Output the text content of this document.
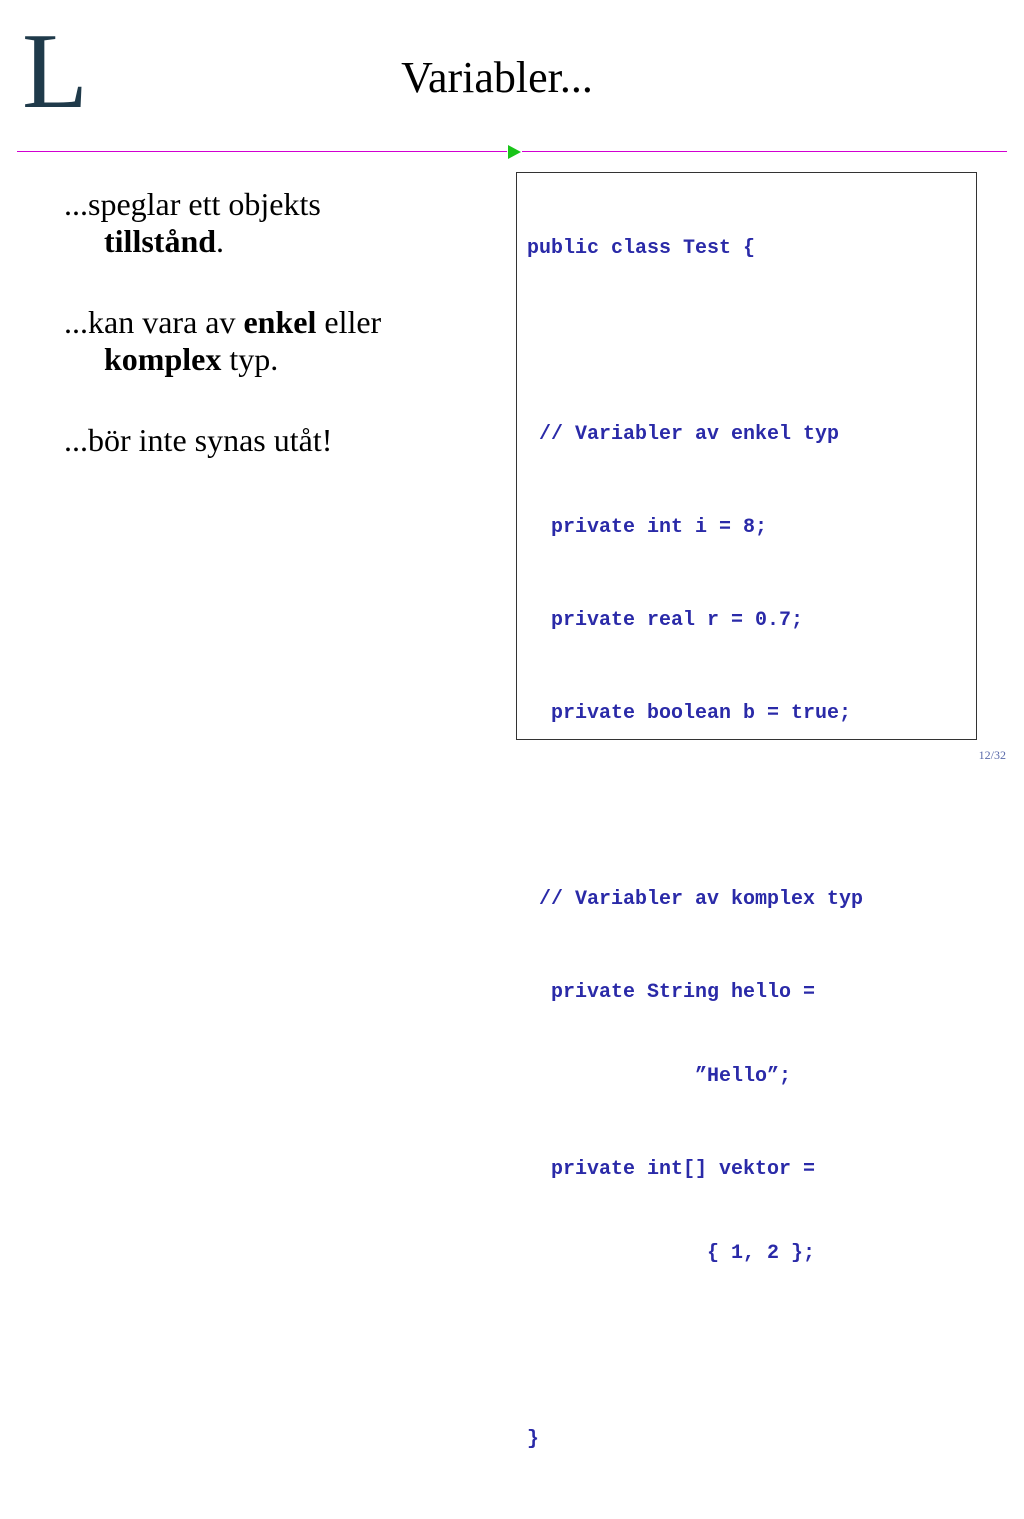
L	Variabler...
...speglar ett objekts
tillstånd.
...kan vara av enkel eller
komplex typ.
...bör inte synas utåt!

public class Test {

// Variabler av enkel typ

private int i = 8;

private real r = 0.7;

private boolean b = true;

// Variabler av komplex typ

private String hello =

”Hello”;

private int[] vektor =

{ 1, 2 };

}

12/32
